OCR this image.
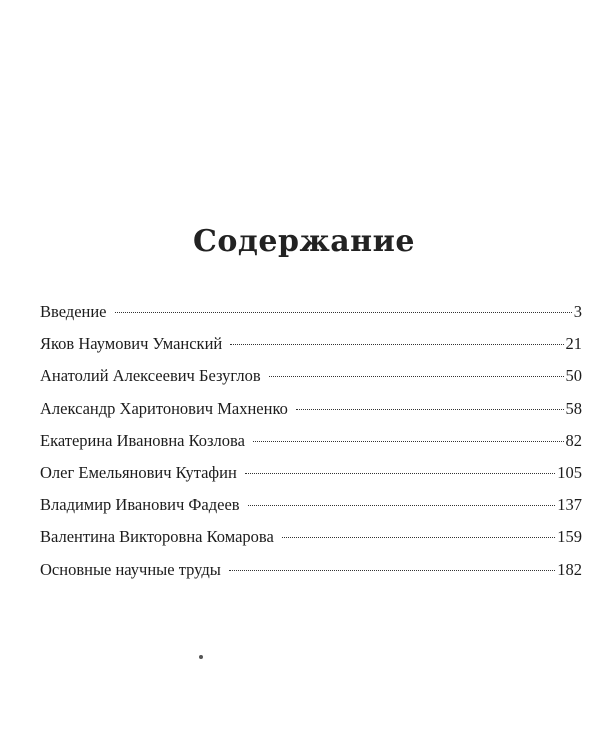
Содержание
Введение	3
Яков Наумович Уманский	21
Анатолий Алексеевич Безуглов	50
Александр Харитонович Махненко	58
Екатерина Ивановна Козлова	82
Олег Емельянович Кутафин	105
Владимир Иванович Фадеев	137
Валентина Викторовна Комарова	159
Основные научные труды	182
